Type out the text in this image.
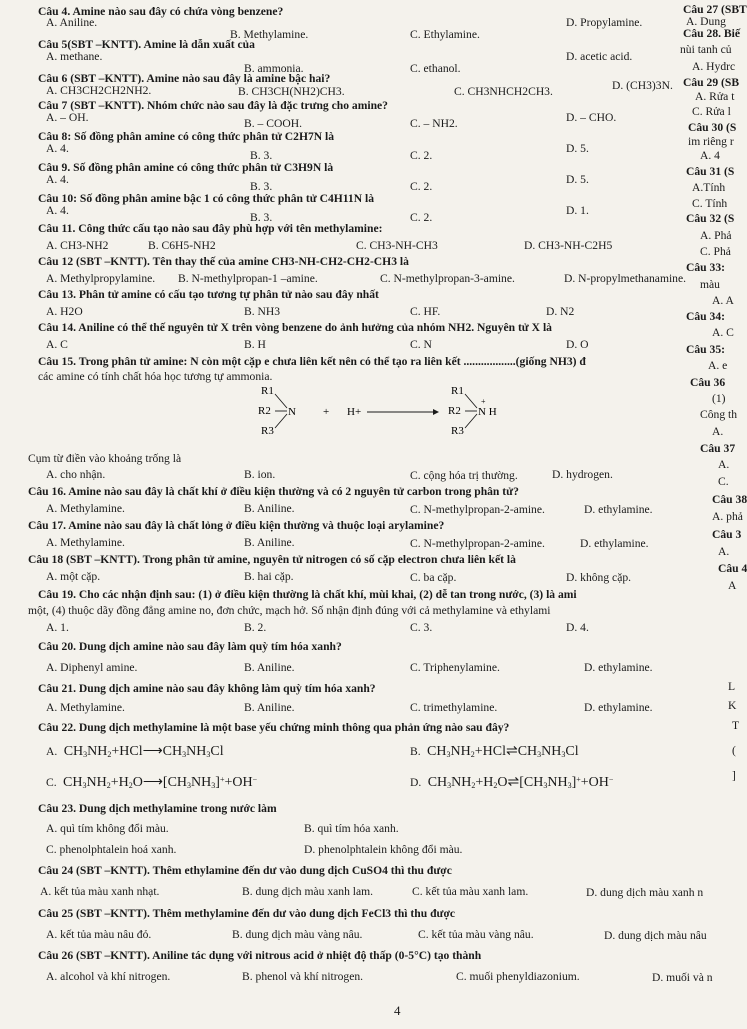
Câu 27 (SBT
A. Dung
Câu 28. Biế
nùi tanh củ
A. Hydrc
Câu 29 (SB
A. Rửa t
C. Rửa l
Câu 30 (S
im riêng r
A. 4
Câu 31 (S
A.Tính
C. Tính
Câu 32 (S
A. Phả
C. Phả
Câu 33:
màu
A. A
Câu 34:
A. C
Câu 35:
A. e
Câu 36
(1)
Công th
A.
Câu 37
A.
C.
Câu 38
A. phả
Câu 3
A.
Câu 4
A
L
K
T
(
]
Câu 4. Amine nào sau đây có chứa vòng benzene?
A. Aniline.
B. Methylamine.	C. Ethylamine.
D. Propylamine.
Câu 5(SBT –KNTT). Amine là dẫn xuất của
A. methane.
B. ammonia.	C. ethanol.
D. acetic acid.
Câu 6 (SBT –KNTT). Amine nào sau đây là amine bậc hai?
A. CH3CH2CH2NH2.	B. CH3CH(NH2)CH3.	C. CH3NHCH2CH3.	D. (CH3)3N.
Câu 7 (SBT –KNTT). Nhóm chức nào sau đây là đặc trưng cho amine?
A. – OH.	B. – COOH.	C. – NH2.	D. – CHO.
Câu 8: Số đồng phân amine có công thức phân tử C2H7N là
A. 4.
B. 3.	C. 2.
D. 5.
Câu 9. Số đồng phân amine có công thức phân tử C3H9N là
A. 4.
B. 3.	C. 2.
D. 5.
Câu 10: Số đồng phân amine bậc 1 có công thức phân tử C4H11N là
A. 4.
B. 3.	C. 2.
D. 1.
Câu 11. Công thức cấu tạo nào sau đây phù hợp với tên methylamine:
A. CH3-NH2	B. C6H5-NH2	C. CH3-NH-CH3	D. CH3-NH-C2H5
Câu 12 (SBT –KNTT). Tên thay thế của amine CH3-NH-CH2-CH2-CH3 là
A. Methylpropylamine. B. N-methylpropan-1 –amine.	C. N-methylpropan-3-amine.	D. N-propylmethanamine.
Câu 13. Phân tử amine có cấu tạo tương tự phân tử nào sau đây nhất
A. H2O	B. NH3	C. HF.	D. N2
Câu 14. Aniline có thể thế nguyên tử X trên vòng benzene do ảnh hưởng của nhóm NH2. Nguyên tử X là
A. C	B. H	C. N	D. O
Câu 15. Trong phân tử amine: N còn một cặp e chưa liên kết nên có thể tạo ra liên kết ..................(giống NH3) đ
các amine có tính chất hóa học tương tự ammonia.
R1
R2
R3
N + H+
R1
R2
R3
N H
+
Cụm từ điền vào khoảng trống là
A. cho nhận.	B. ion.	C. cộng hóa trị thường.	D. hydrogen.
Câu 16. Amine nào sau đây là chất khí ở điều kiện thường và có 2 nguyên tử carbon trong phân tử?
A. Methylamine.	B. Aniline.	C. N-methylpropan-2-amine.	D. ethylamine.
Câu 17. Amine nào sau đây là chất lỏng ở điều kiện thường và thuộc loại arylamine?
A. Methylamine.	B. Aniline.	C. N-methylpropan-2-amine.	D. ethylamine.
Câu 18 (SBT –KNTT). Trong phân tử amine, nguyên tử nitrogen có số cặp electron chưa liên kết là
A. một cặp.	B. hai cặp.	C. ba cặp.	D. không cặp.
Câu 19. Cho các nhận định sau: (1) ở điều kiện thường là chất khí, mùi khai, (2) dễ tan trong nước, (3) là ami
một, (4) thuộc dãy đồng đẳng amine no, đơn chức, mạch hở. Số nhận định đúng với cả methylamine và ethylami
A. 1.	B. 2.	C. 3.	D. 4.
Câu 20. Dung dịch amine nào sau đây làm quỳ tím hóa xanh?
A. Diphenyl amine.	B. Aniline.	C. Triphenylamine.	D. ethylamine.
Câu 21. Dung dịch amine nào sau đây không làm quỳ tím hóa xanh?
A. Methylamine.	B. Aniline.	C. trimethylamine.	D. ethylamine.
Câu 22. Dung dịch methylamine là một base yếu chứng minh thông qua phản ứng nào sau đây?
A.  $CH_3NH_2+HCl⟶CH_3NH_3Cl$	B.  $CH_3NH_2+HCl\rightleftharpoons CH_3NH_3Cl$
C.  $CH_3NH_2+H_2O⟶[CH_3NH_3]^++OH^-$	D.  $CH_3NH_2+H_2O\rightleftharpoons[CH_3NH_3]^++OH^-$
Câu 23. Dung dịch methylamine trong nước làm
A. quì tím không đổi màu.	B. quì tím hóa xanh.
C. phenolphtalein hoá xanh.	D. phenolphtalein không đổi màu.
Câu 24 (SBT –KNTT). Thêm ethylamine đến dư vào dung dịch CuSO4 thì thu được
A. kết tủa màu xanh nhạt.	B. dung dịch màu xanh lam.	C. kết tủa màu xanh lam.	D. dung dịch màu xanh n
Câu 25 (SBT –KNTT). Thêm methylamine đến dư vào dung dịch FeCl3 thì thu được
A. kết tủa màu nâu đỏ.	B. dung dịch màu vàng nâu.	C. kết tủa màu vàng nâu.	D. dung dịch màu nâu
Câu 26 (SBT –KNTT). Aniline tác dụng với nitrous acid ở nhiệt độ thấp (0-5°C) tạo thành
A. alcohol và khí nitrogen.	B. phenol và khí nitrogen.	C. muối phenyldiazonium.	D. muối và n
4
